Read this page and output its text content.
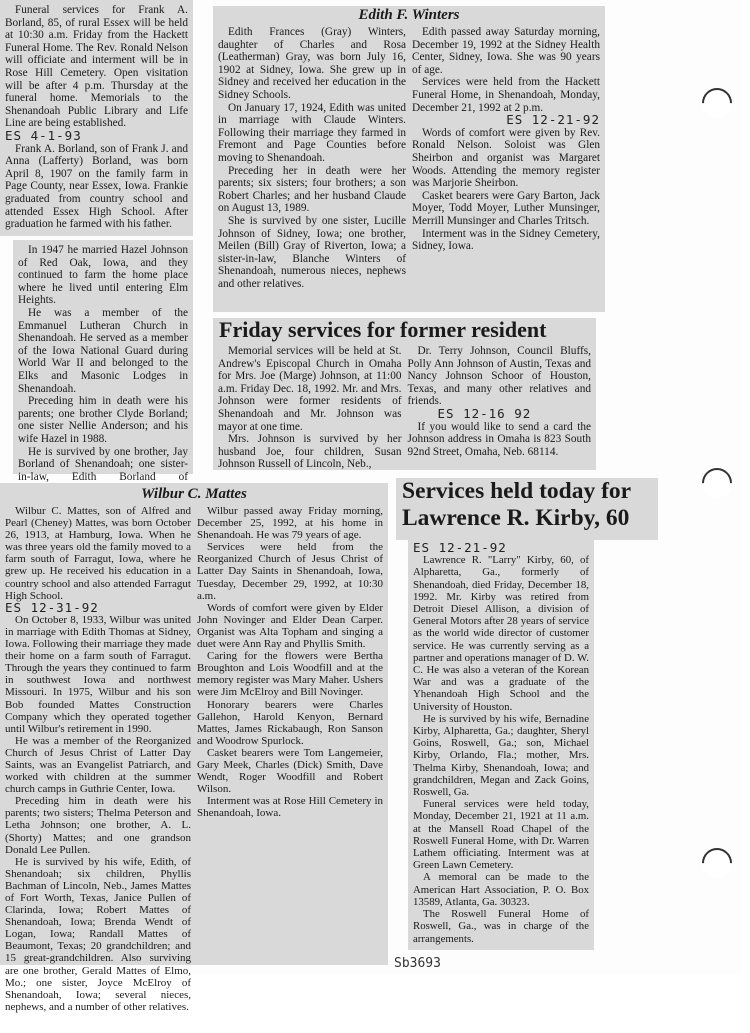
Funeral services for Frank A. Borland, 85, of rural Essex will be held at 10:30 a.m. Friday from the Hackett Funeral Home. The Rev. Ronald Nelson will officiate and interment will be in Rose Hill Cemetery. Open visitation will be after 4 p.m. Thursday at the funeral home. Memorials to the Shenandoah Public Library and Life Line are being established.

ES 4-1-93

Frank A. Borland, son of Frank J. and Anna (Lafferty) Borland, was born April 8, 1907 on the family farm in Page County, near Essex, Iowa. Frankie graduated from country school and attended Essex High School. After graduation he farmed with his father.

In 1947 he married Hazel Johnson of Red Oak, Iowa, and they continued to farm the home place where he lived until entering Elm Heights.

He was a member of the Emmanuel Lutheran Church in Shenandoah. He served as a member of the Iowa National Guard during World War II and belonged to the Elks and Masonic Lodges in Shenandoah.

Preceding him in death were his parents; one brother Clyde Borland; one sister Nellie Anderson; and his wife Hazel in 1988.

He is survived by one brother, Jay Borland of Shenandoah; one sister-in-law, Edith Borland of

Edith F. Winters

Edith Frances (Gray) Winters, daughter of Charles and Rosa (Leatherman) Gray, was born July 16, 1902 at Sidney, Iowa. She grew up in Sidney and received her education in the Sidney Schools.

On January 17, 1924, Edith was united in marriage with Claude Winters. Following their marriage they farmed in Fremont and Page Counties before moving to Shenandoah.

Preceding her in death were her parents; six sisters; four brothers; a son Robert Charles; and her husband Claude on August 13, 1989.

She is survived by one sister, Lucille Johnson of Sidney, Iowa; one brother, Meilen (Bill) Gray of Riverton, Iowa; a sister-in-law, Blanche Winters of Shenandoah, numerous nieces, nephews and other relatives.

Edith passed away Saturday morning, December 19, 1992 at the Sidney Health Center, Sidney, Iowa. She was 90 years of age.

Services were held from the Hackett Funeral Home, in Shenandoah, Monday, December 21, 1992 at 2 p.m.

ES 12-21-92

Words of comfort were given by Rev. Ronald Nelson. Soloist was Glen Sheirbon and organist was Margaret Woods. Attending the memory register was Marjorie Sheirbon.

Casket bearers were Gary Barton, Jack Moyer, Todd Moyer, Luther Munsinger, Merrill Munsinger and Charles Tritsch.

Interment was in the Sidney Cemetery, Sidney, Iowa.

Friday services for former resident

Memorial services will be held at St. Andrew's Episcopal Church in Omaha for Mrs. Joe (Marge) Johnson, at 11:00 a.m. Friday Dec. 18, 1992. Mr. and Mrs. Johnson were former residents of Shenandoah and Mr. Johnson was mayor at one time.

Mrs. Johnson is survived by her husband Joe, four children, Susan Johnson Russell of Lincoln, Neb.,

Dr. Terry Johnson, Council Bluffs, Polly Ann Johnson of Austin, Texas and Nancy Johnson Schoor of Houston, Texas, and many other relatives and friends.

ES 12-16 92

If you would like to send a card the Johnson address in Omaha is 823 South 92nd Street, Omaha, Neb. 68114.

Wilbur C. Mattes

Wilbur C. Mattes, son of Alfred and Pearl (Cheney) Mattes, was born October 26, 1913, at Hamburg, Iowa. When he was three years old the family moved to a farm south of Farragut, Iowa, where he grew up. He received his education in a country school and also attended Farragut High School.

ES 12-31-92

On October 8, 1933, Wilbur was united in marriage with Edith Thomas at Sidney, Iowa. Following their marriage they made their home on a farm south of Farragut. Through the years they continued to farm in southwest Iowa and northwest Missouri. In 1975, Wilbur and his son Bob founded Mattes Construction Company which they operated together until Wilbur's retirement in 1990.

He was a member of the Reorganized Church of Jesus Christ of Latter Day Saints, was an Evangelist Patriarch, and worked with children at the summer church camps in Guthrie Center, Iowa.

Preceding him in death were his parents; two sisters; Thelma Peterson and Letha Johnson; one brother, A. L. (Shorty) Mattes; and one grandson Donald Lee Pullen.

He is survived by his wife, Edith, of Shenandoah; six children, Phyllis Bachman of Lincoln, Neb., James Mattes of Fort Worth, Texas, Janice Pullen of Clarinda, Iowa; Robert Mattes of Shenandoah, Iowa; Brenda Wendt of Logan, Iowa; Randall Mattes of Beaumont, Texas; 20 grandchildren; and 15 great-grandchildren. Also surviving are one brother, Gerald Mattes of Elmo, Mo.; one sister, Joyce McElroy of Shenandoah, Iowa; several nieces, nephews, and a number of other relatives.

Wilbur passed away Friday morning, December 25, 1992, at his home in Shenandoah. He was 79 years of age.

Services were held from the Reorganized Church of Jesus Christ of Latter Day Saints in Shenandoah, Iowa, Tuesday, December 29, 1992, at 10:30 a.m.

Words of comfort were given by Elder John Novinger and Elder Dean Carper. Organist was Alta Topham and singing a duet were Ann Ray and Phyllis Smith.

Caring for the flowers were Bertha Broughton and Lois Woodfill and at the memory register was Mary Maher. Ushers were Jim McElroy and Bill Novinger.

Honorary bearers were Charles Gallehon, Harold Kenyon, Bernard Mattes, James Rickabaugh, Ron Sanson and Woodrow Spurlock.

Casket bearers were Tom Langemeier, Gary Meek, Charles (Dick) Smith, Dave Wendt, Roger Woodfill and Robert Wilson.

Interment was at Rose Hill Cemetery in Shenandoah, Iowa.

Services held today for Lawrence R. Kirby, 60
ES 12-21-92

Lawrence R. "Larry" Kirby, 60, of Alpharetta, Ga., formerly of Shenandoah, died Friday, December 18, 1992. Mr. Kirby was retired from Detroit Diesel Allison, a division of General Motors after 28 years of service as the world wide director of customer service. He was currently serving as a partner and operations manager of D. W. C. He was also a veteran of the Korean War and was a graduate of the Yhenandoah High School and the University of Houston.

He is survived by his wife, Bernadine Kirby, Alpharetta, Ga.; daughter, Sheryl Goins, Roswell, Ga.; son, Michael Kirby, Orlando, Fla.; mother, Mrs. Thelma Kirby, Shenandoah, Iowa; and grandchildren, Megan and Zack Goins, Roswell, Ga.

Funeral services were held today, Monday, December 21, 1921 at 11 a.m. at the Mansell Road Chapel of the Roswell Funeral Home, with Dr. Warren Lathem officiating. Interment was at Green Lawn Cemetery.

A memoral can be made to the American Hart Association, P. O. Box 13589, Atlanta, Ga. 30323.

The Roswell Funeral Home of Roswell, Ga., was in charge of the arrangements.

Sb3693
